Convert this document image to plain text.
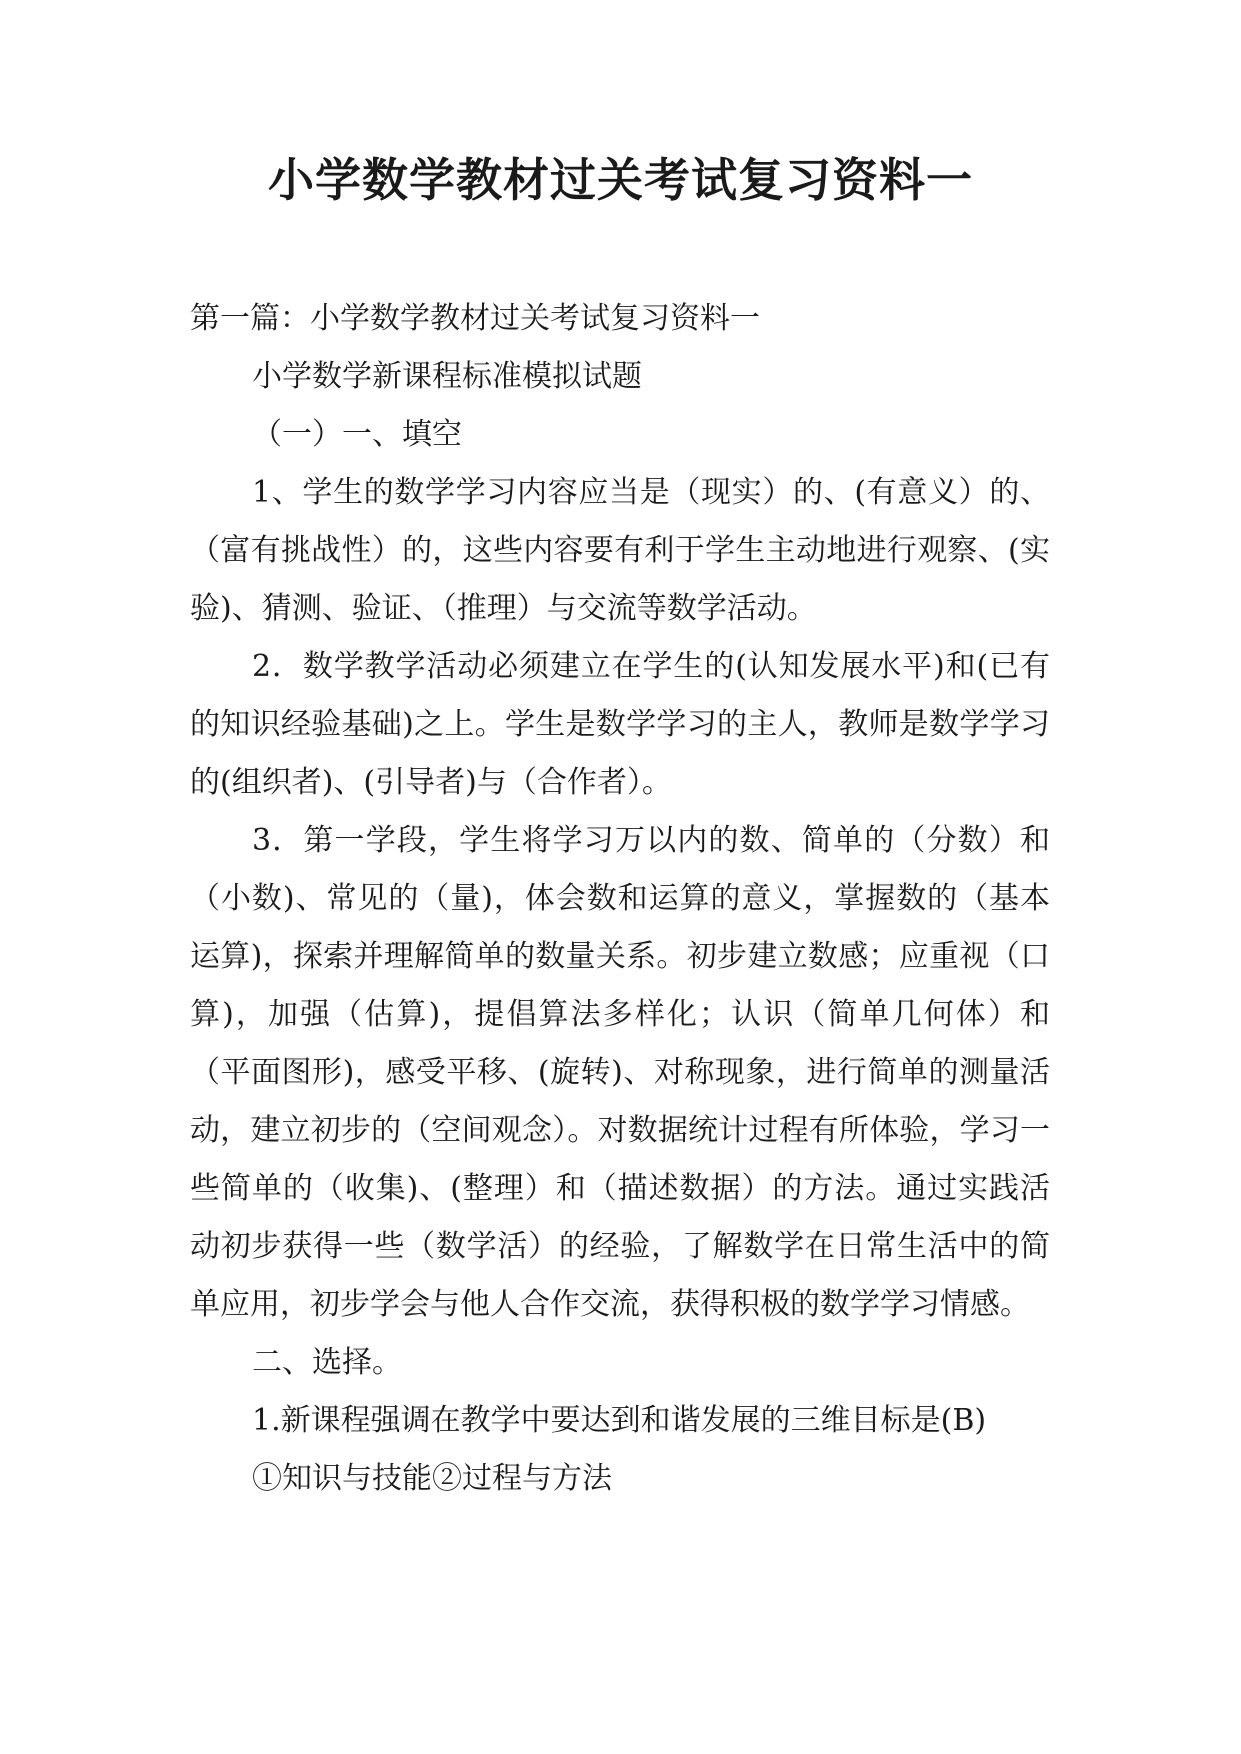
小学数学教材过关考试复习资料一

第一篇：小学数学教材过关考试复习资料一

小学数学新课程标准模拟试题

（一）一、填空

1、学生的数学学习内容应当是（现实）的、(有意义）的、（富有挑战性）的，这些内容要有利于学生主动地进行观察、(实验)、猜测、验证、（推理）与交流等数学活动。

2．数学教学活动必须建立在学生的(认知发展水平)和(已有的知识经验基础)之上。学生是数学学习的主人，教师是数学学习的(组织者)、(引导者)与（合作者）。

3．第一学段，学生将学习万以内的数、简单的（分数）和（小数)、常见的（量)，体会数和运算的意义，掌握数的（基本运算)，探索并理解简单的数量关系。初步建立数感；应重视（口算)，加强（估算)，提倡算法多样化；认识（简单几何体）和（平面图形)，感受平移、(旋转)、对称现象，进行简单的测量活动，建立初步的（空间观念）。对数据统计过程有所体验，学习一些简单的（收集)、(整理）和（描述数据）的方法。通过实践活动初步获得一些（数学活）的经验，了解数学在日常生活中的简单应用，初步学会与他人合作交流，获得积极的数学学习情感。

二、选择。

1.新课程强调在教学中要达到和谐发展的三维目标是(B)

①知识与技能②过程与方法
